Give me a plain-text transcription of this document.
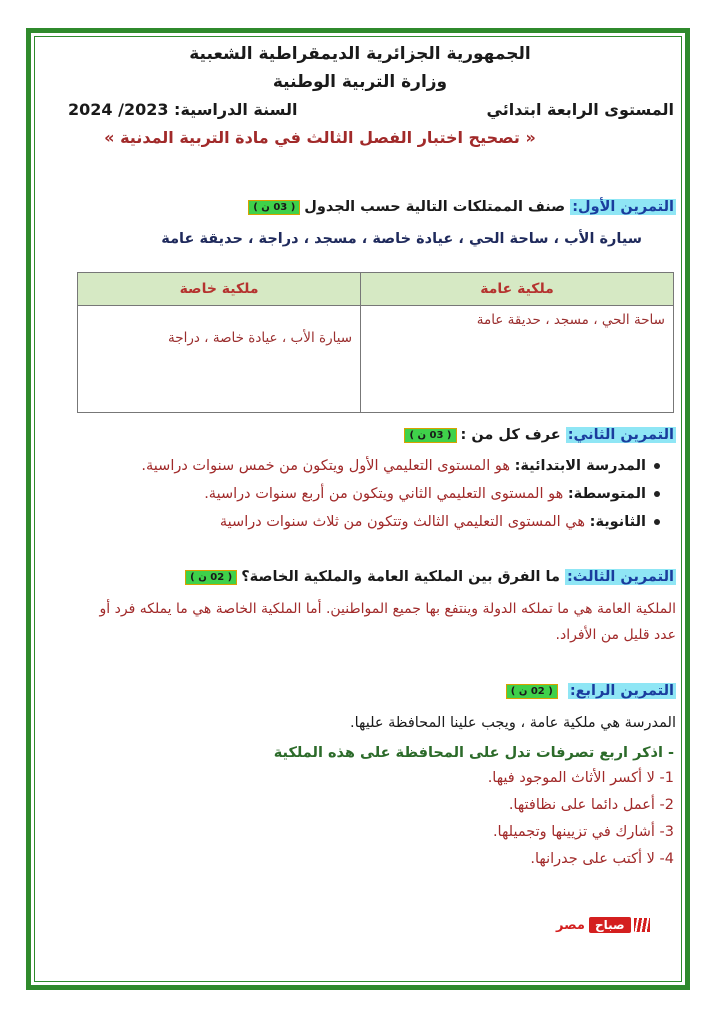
الجمهورية الجزائرية الديمقراطية الشعبية
وزارة التربية الوطنية
المستوى الرابعة ابتدائي
السنة الدراسية: 2023/ 2024
« تصحيح اختبار الفصل الثالث في مادة التربية المدنية »
التمرين الأول: صنف الممتلكات التالية حسب الجدول( 03 ن )
سيارة الأب ، ساحة الحي ، عيادة خاصة ، مسجد ، دراجة ، حديقة عامة
ملكية عامة	ملكية خاصة
ساحة الحي ، مسجد ، حديقة عامة	سيارة الأب ، عيادة خاصة ، دراجة
التمرين الثاني: عرف كل من :( 03 ن )
المدرسة الابتدائية: هو المستوى التعليمي الأول ويتكون من خمس سنوات دراسية.
المتوسطة: هو المستوى التعليمي الثاني ويتكون من أربع سنوات دراسية.
الثانوية: هي المستوى التعليمي الثالث وتتكون من ثلاث سنوات دراسية
التمرين الثالث: ما الفرق بين الملكية العامة والملكية الخاصة؟( 02 ن )
الملكية العامة هي ما تملكه الدولة وينتفع بها جميع المواطنين. أما الملكية الخاصة هي ما يملكه فرد أو
عدد قليل من الأفراد.
التمرين الرابع:( 02 ن )
المدرسة هي ملكية عامة ، ويجب علينا المحافظة عليها.
- اذكر اربع تصرفات تدل على المحافظة على هذه الملكية
1- لا أكسر الأثاث الموجود فيها.
2- أعمل دائما على نظافتها.
3- أشارك في تزيينها وتجميلها.
4- لا أكتب على جدرانها.
مصر صباح
